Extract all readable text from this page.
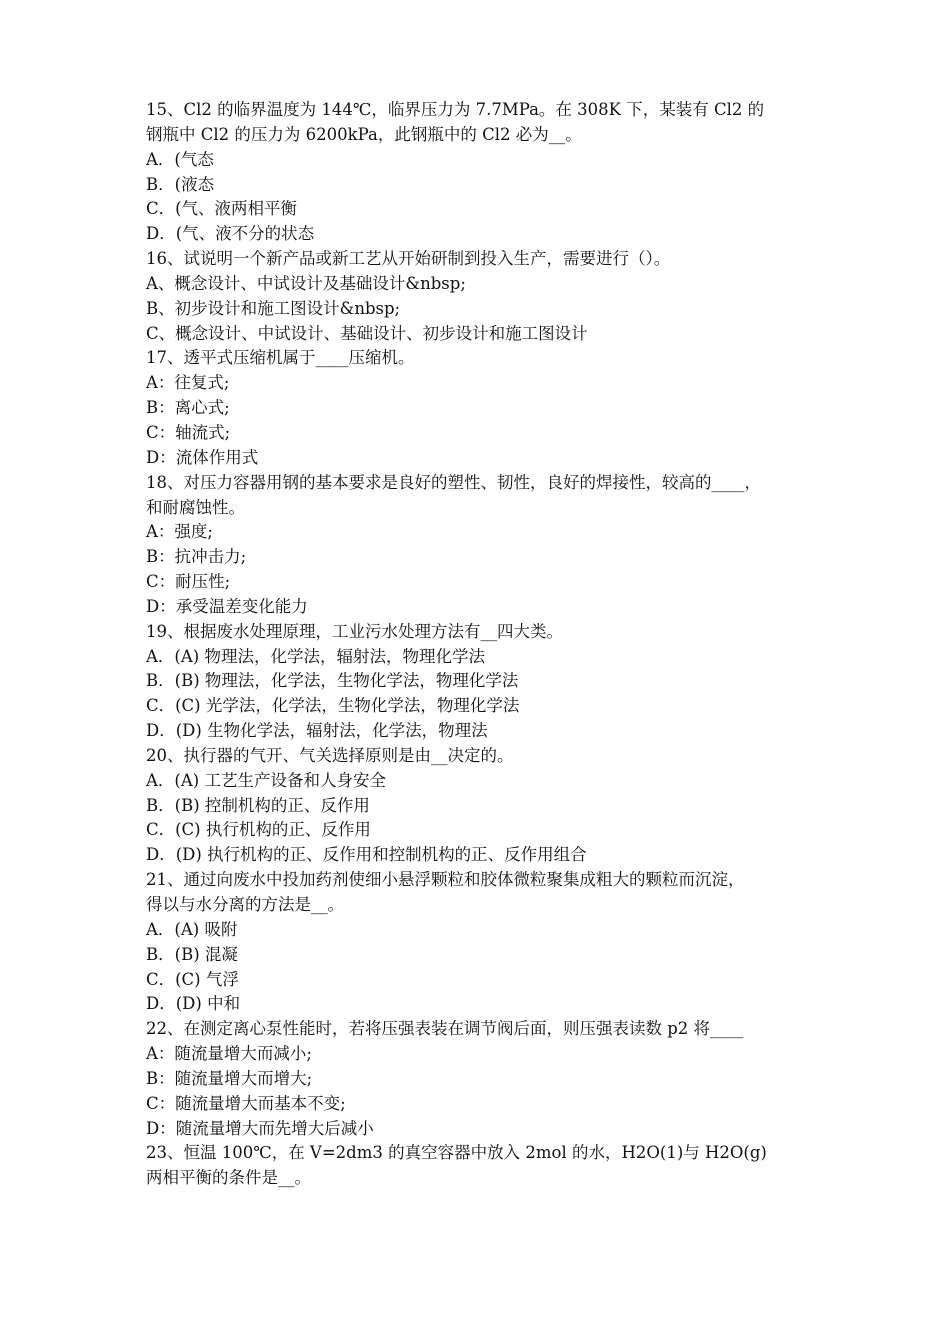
15、Cl2 的临界温度为 144℃，临界压力为 7.7MPa。在 308K 下，某装有 Cl2 的
钢瓶中 Cl2 的压力为 6200kPa，此钢瓶中的 Cl2 必为__。
A．(气态
B．(液态
C．(气、液两相平衡
D．(气、液不分的状态
16、试说明一个新产品或新工艺从开始研制到投入生产，需要进行（）。
A、概念设计、中试设计及基础设计&nbsp;
B、初步设计和施工图设计&nbsp;
C、概念设计、中试设计、基础设计、初步设计和施工图设计
17、透平式压缩机属于____压缩机。
A：往复式;
B：离心式;
C：轴流式;
D：流体作用式
18、对压力容器用钢的基本要求是良好的塑性、韧性，良好的焊接性，较高的____，
和耐腐蚀性。
A：强度;
B：抗冲击力;
C：耐压性;
D：承受温差变化能力
19、根据废水处理原理，工业污水处理方法有__四大类。
A．(A) 物理法，化学法，辐射法，物理化学法
B．(B) 物理法，化学法，生物化学法，物理化学法
C．(C) 光学法，化学法，生物化学法，物理化学法
D．(D) 生物化学法，辐射法，化学法，物理法
20、执行器的气开、气关选择原则是由__决定的。
A．(A) 工艺生产设备和人身安全
B．(B) 控制机构的正、反作用
C．(C) 执行机构的正、反作用
D．(D) 执行机构的正、反作用和控制机构的正、反作用组合
21、通过向废水中投加药剂使细小悬浮颗粒和胶体微粒聚集成粗大的颗粒而沉淀，
得以与水分离的方法是__。
A．(A) 吸附
B．(B) 混凝
C．(C) 气浮
D．(D) 中和
22、在测定离心泵性能时，若将压强表装在调节阀后面，则压强表读数 p2 将____
A：随流量增大而减小;
B：随流量增大而增大;
C：随流量增大而基本不变;
D：随流量增大而先增大后减小
23、恒温 100℃，在 V=2dm3 的真空容器中放入 2mol 的水，H2O(1)与 H2O(g)
两相平衡的条件是__。
